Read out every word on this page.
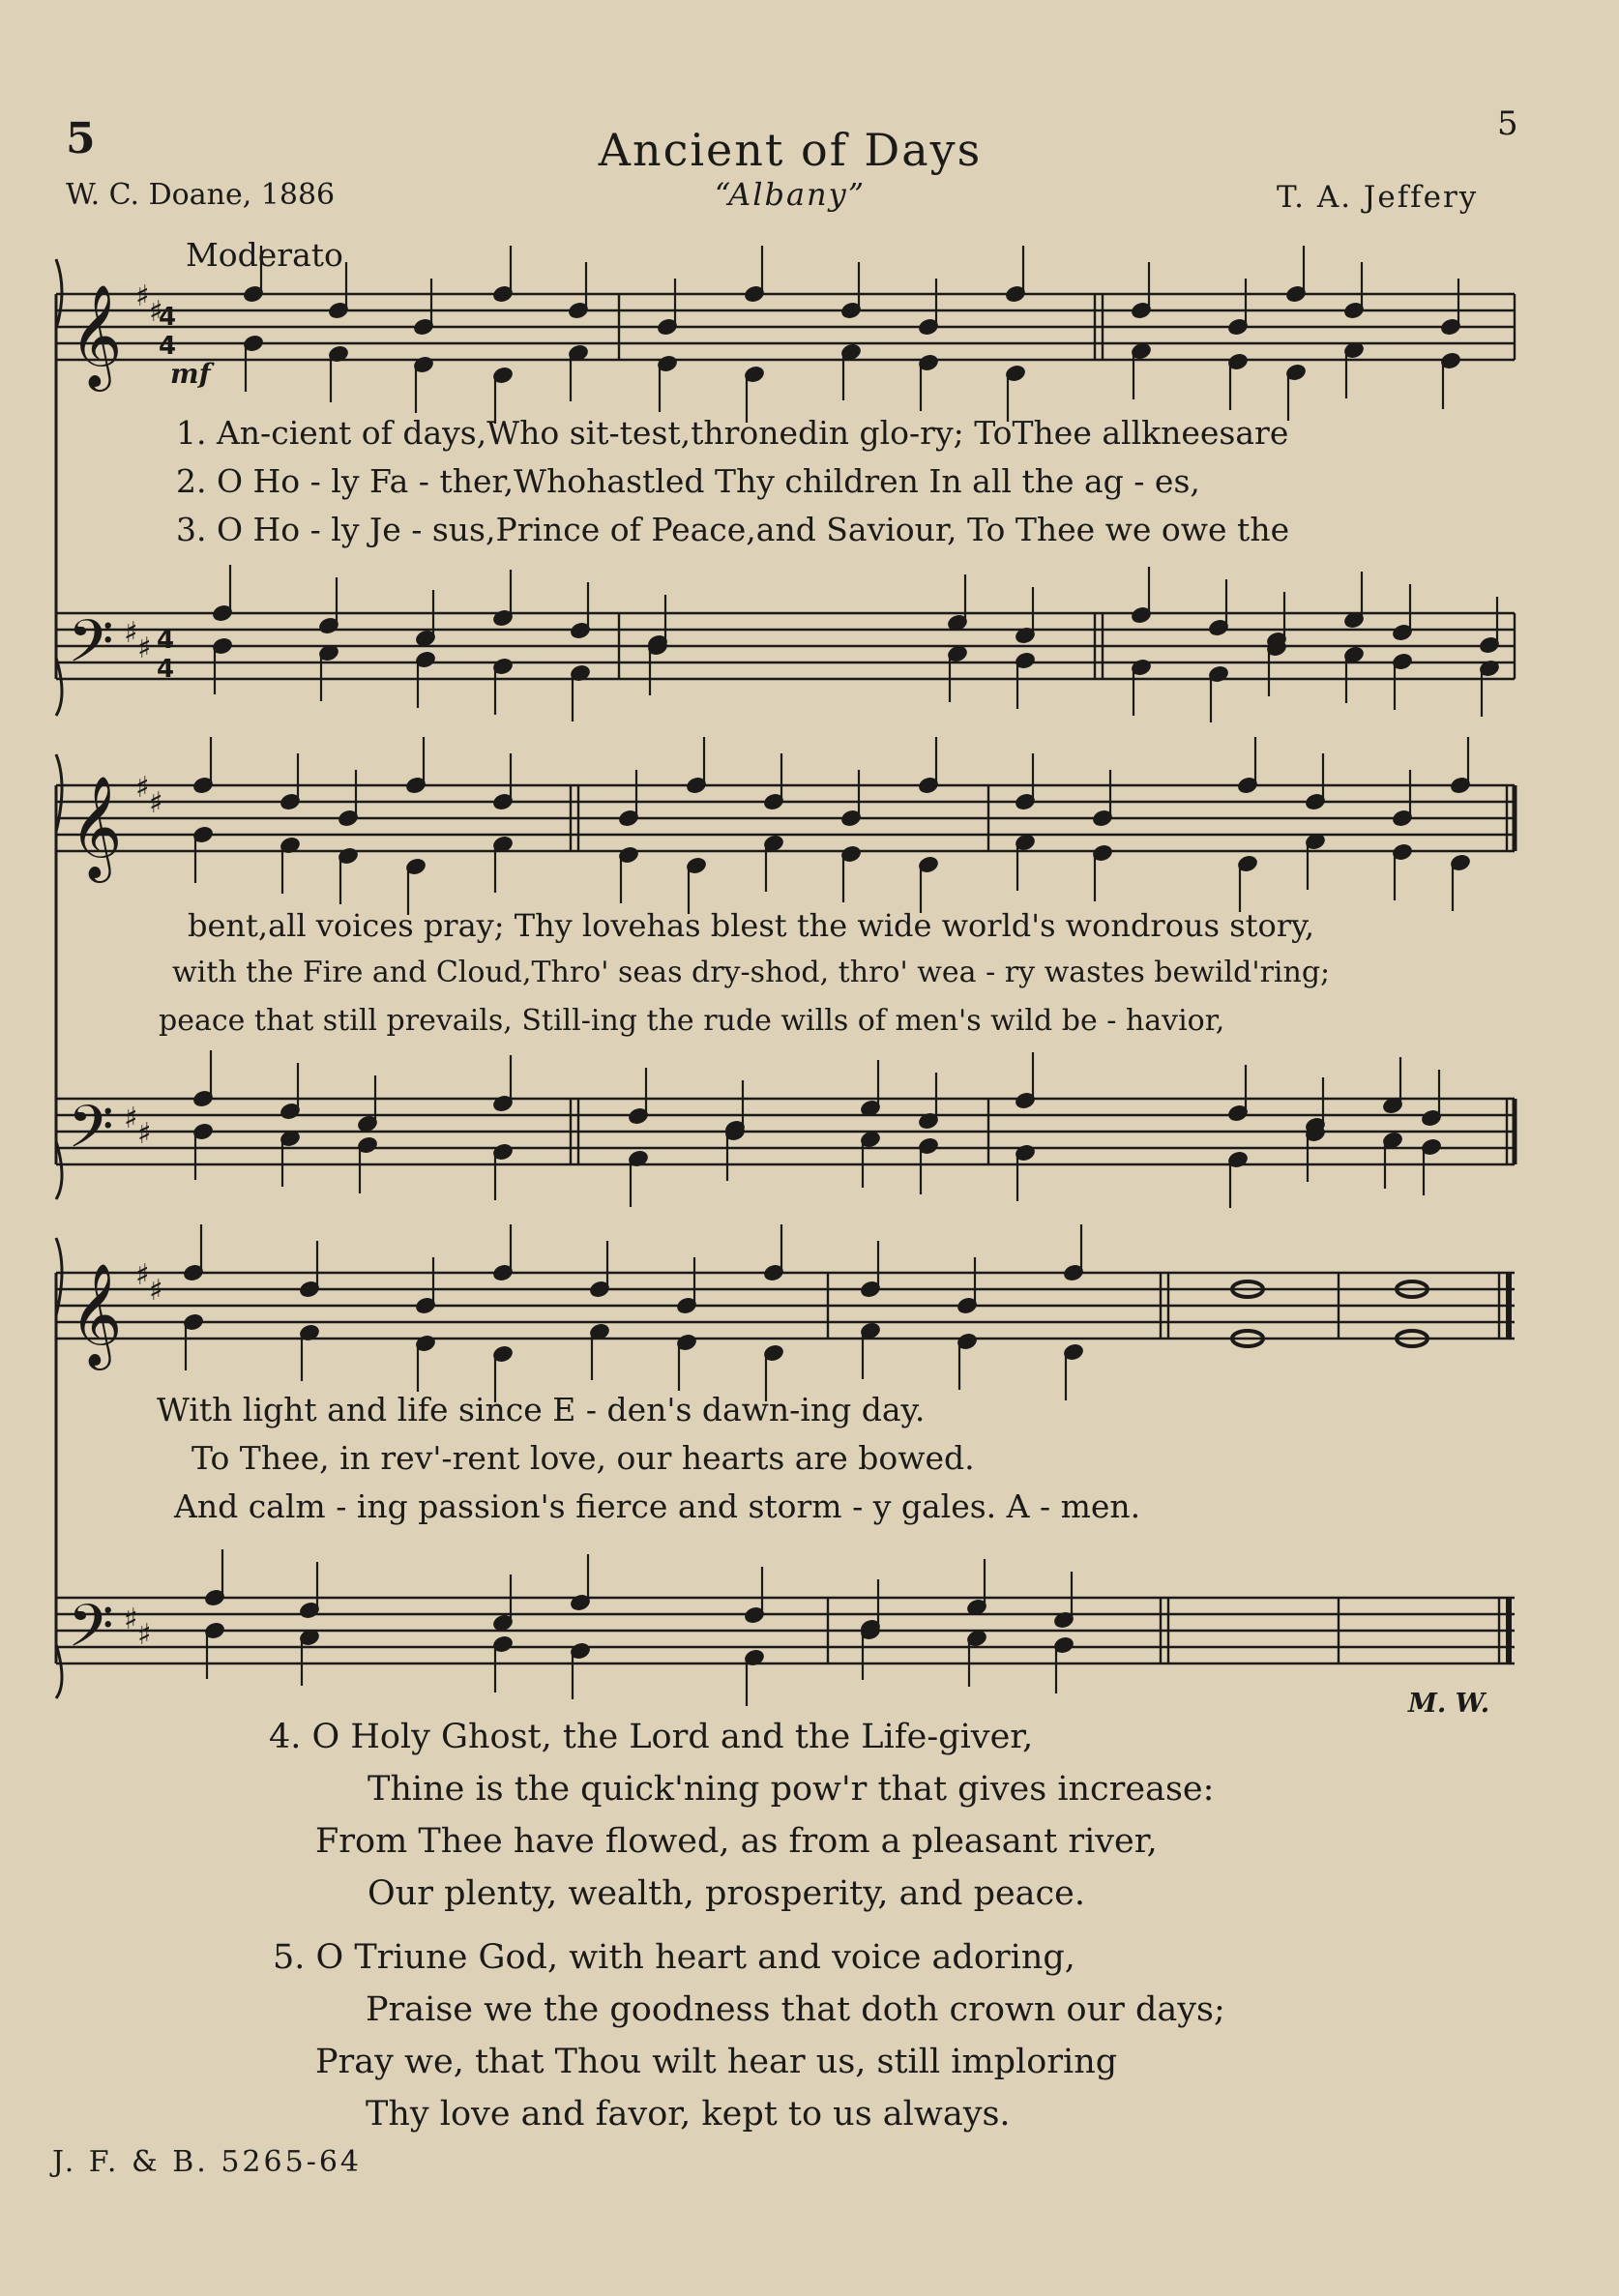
𝄞
𝄢
♯ ♯
4
4
♯ ♯ 4
4
𝄞
𝄢
♯ ♯
♯ ♯
𝄞
𝄢
♯ ♯
♯ ♯
5	5
Ancient of Days
W. C. Doane, 1886	“Albany”	T. A. Jeffery
Moderato
mf
1. An-cient of days,Who sit-test,thronedin glo-ry; ToThee allkneesare
2. O Ho - ly Fa - ther,Whohastled Thy children In all the ag - es,
3. O Ho - ly Je - sus,Prince of Peace,and Saviour, To Thee we owe the
bent,all voices pray; Thy lovehas blest the wide world's wondrous story,
with the Fire and Cloud,Thro' seas dry-shod, thro' wea - ry wastes bewild'ring;
peace that still prevails, Still-ing the rude wills of men's wild be - havior,
With light and life since E - den's dawn-ing day.
To Thee, in rev'-rent love, our hearts are bowed.
And calm - ing passion's fierce and storm - y gales. A - men.
M. W.
4. O Holy Ghost, the Lord and the Life-giver,
Thine is the quick'ning pow'r that gives increase:
From Thee have flowed, as from a pleasant river,
Our plenty, wealth, prosperity, and peace.
5. O Triune God, with heart and voice adoring,
Praise we the goodness that doth crown our days;
Pray we, that Thou wilt hear us, still imploring
Thy love and favor, kept to us always.
J. F. & B. 5265-64
